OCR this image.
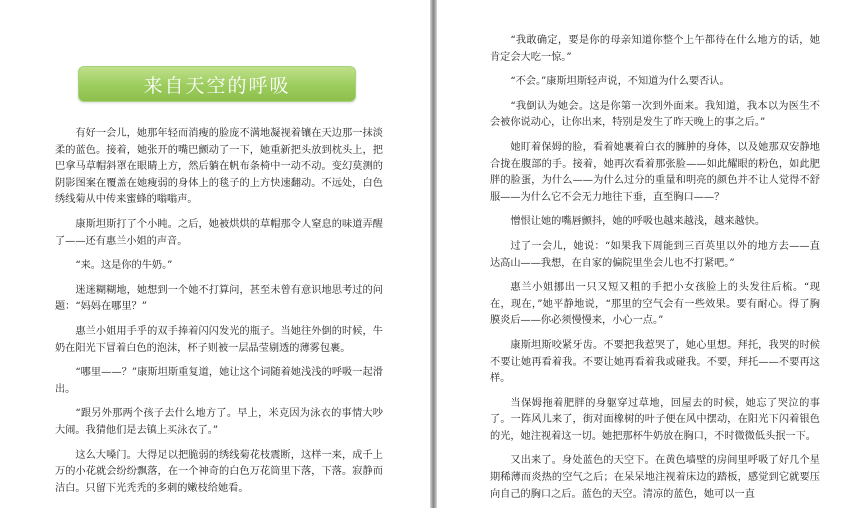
来自天空的呼吸

有好一会儿，她那年轻而消瘦的脸庞不满地凝视着镶在天边那一抹淡柔的蓝色。接着，她张开的嘴巴颤动了一下，她重新把头放到枕头上，把巴拿马草帽斜罩在眼睛上方，然后躺在帆布条椅中一动不动。变幻莫测的阴影图案在覆盖在她瘦弱的身体上的毯子的上方快速翻动。不远处，白色绣线菊从中传来蜜蜂的嗡嗡声。

康斯坦斯打了个小盹。之后，她被烘烘的草帽那令人窒息的味道弄醒了——还有惠兰小姐的声音。

“来。这是你的牛奶。”

迷迷糊糊地，她想到一个她不打算问，甚至未曾有意识地思考过的问题：“妈妈在哪里？”

惠兰小姐用手乎的双手捧着闪闪发光的瓶子。当她往外倒的时候，牛奶在阳光下冒着白色的泡沫，杯子则被一层晶莹剔透的薄雾包裹。

“哪里——？”康斯坦斯重复道，她让这个词随着她浅浅的呼吸一起滑出。

“跟另外那两个孩子去什么地方了。早上，米克因为泳衣的事情大吵大闹。我猜他们是去镇上买泳衣了。”

这么大嗓门。大得足以把脆弱的绣线菊花枝震断，这样一来，成千上万的小花就会纷纷飘落，在一个神奇的白色万花筒里下落，下落。寂静而洁白。只留下光秃秃的多刺的嫩枝给她看。

“我敢确定，要是你的母亲知道你整个上午都待在什么地方的话，她肯定会大吃一惊。”

“不会。”康斯坦斯轻声说，不知道为什么要否认。

“我倒认为她会。这是你第一次到外面来。我知道，我本以为医生不会被你说动心，让你出来，特别是发生了昨天晚上的事之后。”

她盯着保姆的脸，看着她裹着白衣的臃肿的身体，以及她那双安静地合拢在腹部的手。接着，她再次看着那张脸——如此耀眼的粉色，如此肥胖的脸蛋，为什么——为什么过分的重量和明亮的颜色并不让人觉得不舒服——为什么它不会无力地往下垂，直至胸口——？

憎恨让她的嘴唇颤抖，她的呼吸也越来越浅，越来越快。

过了一会儿，她说：“如果我下周能到三百英里以外的地方去——直达高山——我想，在自家的偏院里坐会儿也不打紧吧。”

惠兰小姐挪出一只又短又粗的手把小女孩脸上的头发往后梳。“现在，现在，”她平静地说，“那里的空气会有一些效果。要有耐心。得了胸膜炎后——你必须慢慢来，小心一点。”

康斯坦斯咬紧牙齿。不要把我惹哭了，她心里想。拜托，我哭的时候不要让她再看着我。不要让她再看着我或碰我。不要，拜托——不要再这样。

当保姆拖着肥胖的身躯穿过草地，回屋去的时候，她忘了哭泣的事了。一阵风儿来了，街对面橡树的叶子便在风中摆动，在阳光下闪着银色的光，她注视着这一切。她把那杯牛奶放在胸口，不时微微低头抿一下。

又出来了。身处蓝色的天空下。在黄色墙壁的房间里呼吸了好几个星期稀薄而炎热的空气之后；在呆呆地注视着床边的踏板，感觉到它就要压向自己的胸口之后。蓝色的天空。清凉的蓝色，她可以一直
